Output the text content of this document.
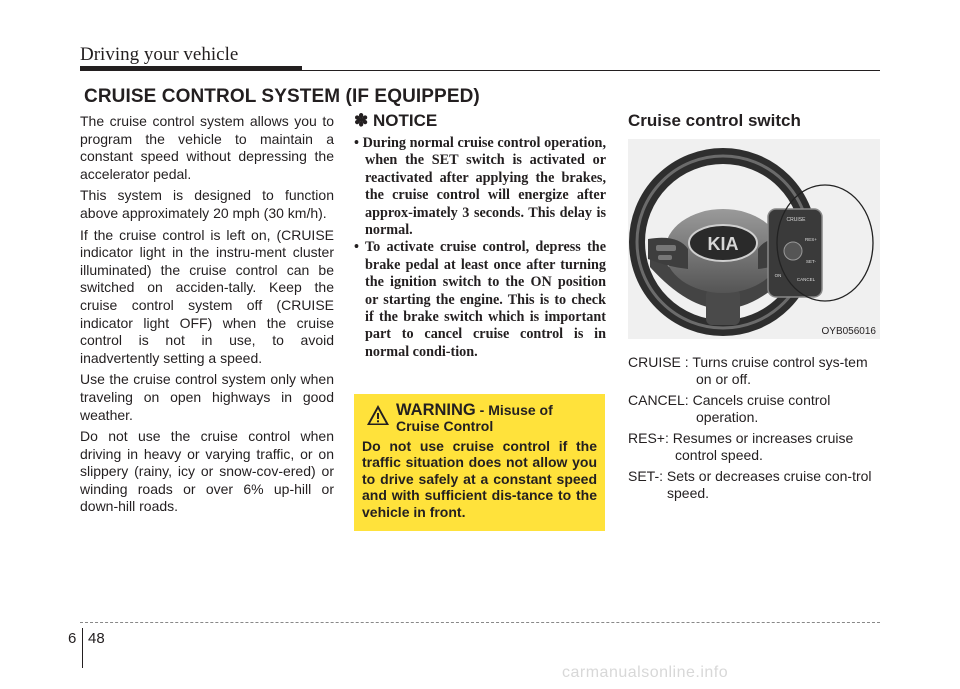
Driving your vehicle
CRUISE CONTROL SYSTEM (IF EQUIPPED)

The cruise control system allows you to program the vehicle to maintain a constant speed without depressing the accelerator pedal.

This system is designed to function above approximately 20 mph (30 km/h).

If the cruise control is left on, (CRUISE indicator light in the instru-ment cluster illuminated) the cruise control can be switched on acciden-tally. Keep the cruise control system off (CRUISE indicator light OFF) when the cruise control is not in use, to avoid inadvertently setting a speed.

Use the cruise control system only when traveling on open highways in good weather.

Do not use the cruise control when driving in heavy or varying traffic, or on slippery (rainy, icy or snow-cov-ered) or winding roads or over 6% up-hill or down-hill roads.

✽ NOTICE
• During normal cruise control operation, when the SET switch is activated or reactivated after applying the brakes, the cruise control will energize after approx-imately 3 seconds. This delay is normal.
• To activate cruise control, depress the brake pedal at least once after turning the ignition switch to the ON position or starting the engine. This is to check if the brake switch which is important part to cancel cruise control is in normal condi-tion.
WARNING - Misuse of
Cruise Control
Do not use cruise control if the traffic situation does not allow you to drive safely at a constant speed and with sufficient dis-tance to the vehicle in front.
Cruise control switch
KIA
CRUISE
RES+
SET-
ON
CANCEL
OYB056016
CRUISE : Turns cruise control sys-tem on or off.
CANCEL: Cancels cruise control operation.
RES+: Resumes or increases cruise control speed.
SET-: Sets or decreases cruise con-trol speed.
6 48
carmanualsonline.info
